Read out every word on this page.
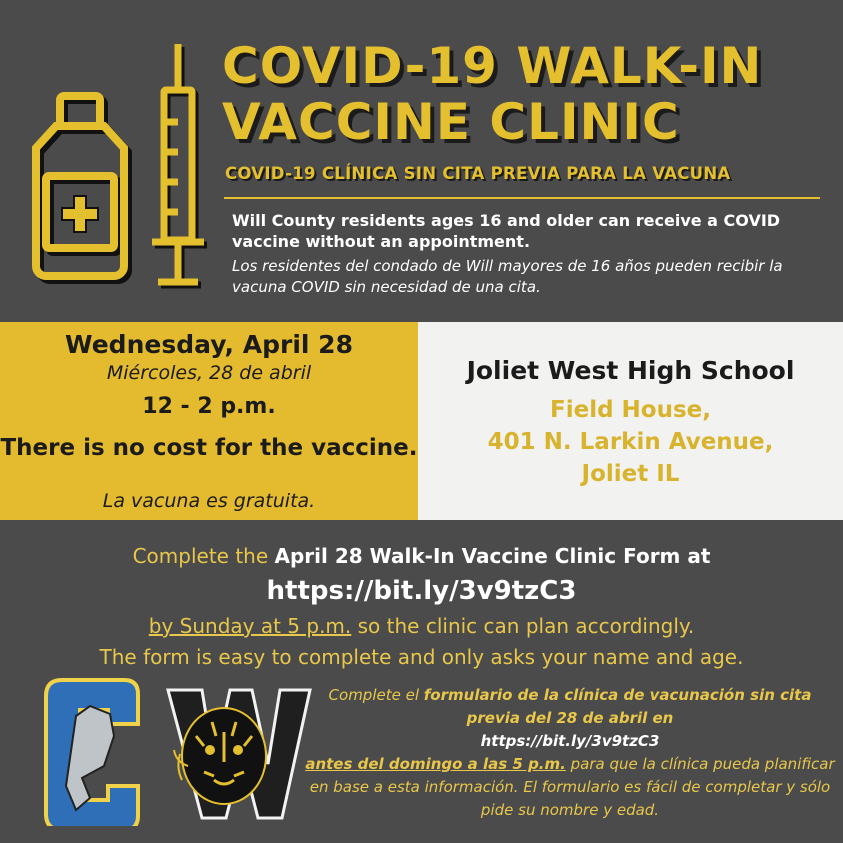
COVID-19 WALK-IN
VACCINE CLINIC
COVID-19 CLÍNICA SIN CITA PREVIA PARA LA VACUNA

Will County residents ages 16 and older can receive a COVID vaccine without an appointment.

Los residentes del condado de Will mayores de 16 años pueden recibir la vacuna COVID sin necesidad de una cita.

Wednesday, April 28
Miércoles, 28 de abril
12 - 2 p.m.
There is no cost for the vaccine.
La vacuna es gratuita.
Joliet West High School
Field House,
401 N. Larkin Avenue,
Joliet IL
Complete the April 28 Walk-In Vaccine Clinic Form at
https://bit.ly/3v9tzC3
by Sunday at 5 p.m. so the clinic can plan accordingly.
The form is easy to complete and only asks your name and age.
Complete el formulario de la clínica de vacunación sin cita previa del 28 de abril en
https://bit.ly/3v9tzC3
antes del domingo a las 5 p.m. para que la clínica pueda planificar en base a esta información. El formulario es fácil de completar y sólo pide su nombre y edad.
